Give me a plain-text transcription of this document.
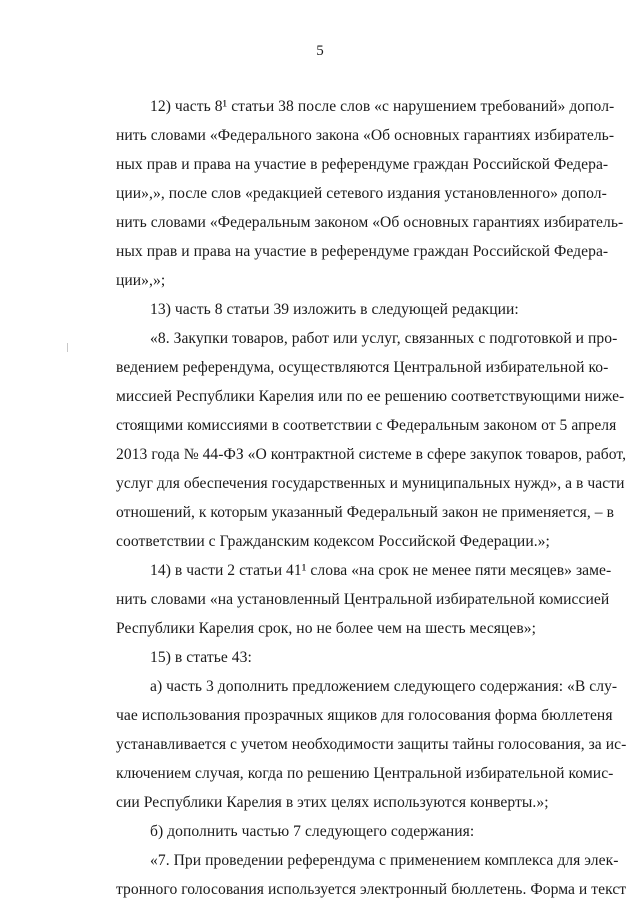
5
12) часть 8¹ статьи 38 после слов «с нарушением требований» допол-
нить словами «Федерального закона «Об основных гарантиях избиратель-
ных прав и права на участие в референдуме граждан Российской Федера-
ции»,», после слов «редакцией сетевого издания установленного» допол-
нить словами «Федеральным законом «Об основных гарантиях избиратель-
ных прав и права на участие в референдуме граждан Российской Федера-
ции»,»;
13) часть 8 статьи 39 изложить в следующей редакции:
«8. Закупки товаров, работ или услуг, связанных с подготовкой и про-
ведением референдума, осуществляются Центральной избирательной ко-
миссией Республики Карелия или по ее решению соответствующими ниже-
стоящими комиссиями в соответствии с Федеральным законом от 5 апреля
2013 года № 44-ФЗ «О контрактной системе в сфере закупок товаров, работ,
услуг для обеспечения государственных и муниципальных нужд», а в части
отношений, к которым указанный Федеральный закон не применяется, – в
соответствии с Гражданским кодексом Российской Федерации.»;
14) в части 2 статьи 41¹ слова «на срок не менее пяти месяцев» заме-
нить словами «на установленный Центральной избирательной комиссией
Республики Карелия срок, но не более чем на шесть месяцев»;
15) в статье 43:
а) часть 3 дополнить предложением следующего содержания: «В слу-
чае использования прозрачных ящиков для голосования форма бюллетеня
устанавливается с учетом необходимости защиты тайны голосования, за ис-
ключением случая, когда по решению Центральной избирательной комис-
сии Республики Карелия в этих целях используются конверты.»;
б) дополнить частью 7 следующего содержания:
«7. При проведении референдума с применением комплекса для элек-
тронного голосования используется электронный бюллетень. Форма и текст
